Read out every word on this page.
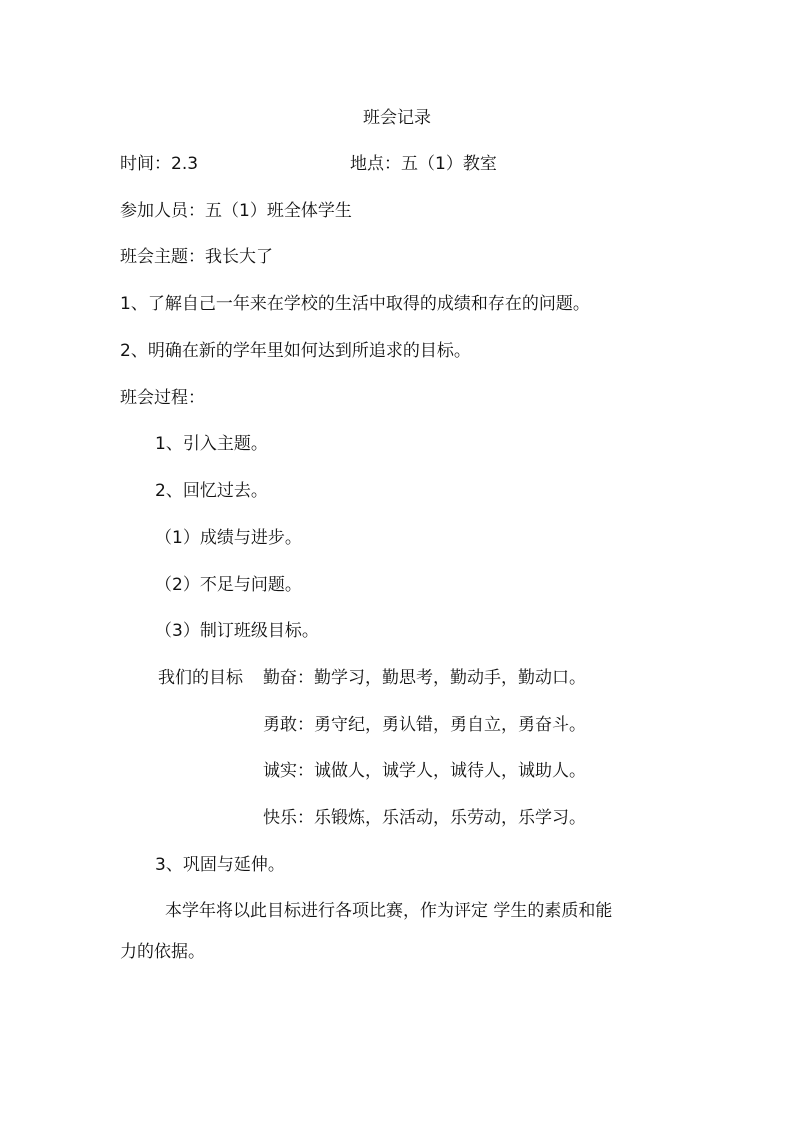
班会记录
时间：2.3	地点：五（1）教室
参加人员：五（1）班全体学生
班会主题：我长大了
1、了解自己一年来在学校的生活中取得的成绩和存在的问题。
2、明确在新的学年里如何达到所追求的目标。
班会过程：
1、引入主题。
2、回忆过去。
（1）成绩与进步。
（2）不足与问题。
（3）制订班级目标。
我们的目标 勤奋：勤学习，勤思考，勤动手，勤动口。
勇敢：勇守纪，勇认错，勇自立，勇奋斗。
诚实：诚做人，诚学人，诚待人，诚助人。
快乐：乐锻炼，乐活动，乐劳动，乐学习。
3、巩固与延伸。
本学年将以此目标进行各项比赛，作为评定 学生的素质和能
力的依据。
